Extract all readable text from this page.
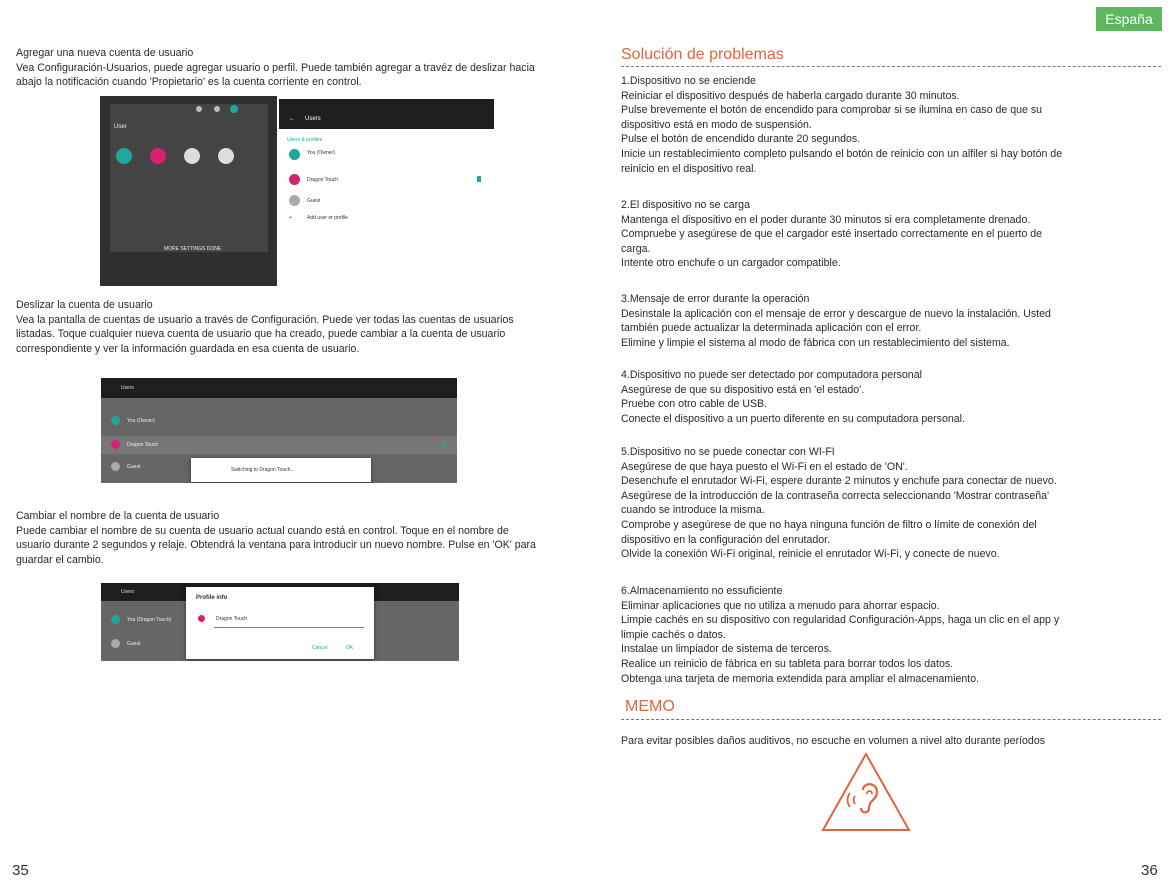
España

Agregar una nueva cuenta de usuario

Vea Configuración-Usuarios, puede agregar usuario o perfil. Puede también agregar a travéz de deslizar hacia abajo la notificación cuando 'Propietario' es la cuenta corriente en control.

User
MORE SETTINGS DONE
← Users
Users & profiles
You (Owner)
Dragon Touch
Guest
+	Add user or profile

Deslizar la cuenta de usuario

Vea la pantalla de cuentas de usuario a través de Configuración. Puede ver todas las cuentas de usuarios listadas. Toque cualquier nueva cuenta de usuario que ha creado, puede cambiar a la cuenta de usuario correspondiente y ver la información guardada en esa cuenta de usuario.

Users
You (Owner)
Dragon Touch
Guest	Switching to Dragon Touch...

Cambiar el nombre de la cuenta de usuario

Puede cambiar el nombre de su cuenta de usuario actual cuando está en control. Toque en el nombre de usuario durante 2 segundos y relaje. Obtendrá la ventana para introducir un nuevo nombre. Pulse en 'OK' para guardar el cambio.

Users
You (Dragon Touch)
Guest
Profile info
Dragon Touch
Cancel	OK
35
Solución de problemas

1.Dispositivo no se enciende

Reiniciar el dispositivo después de haberla cargado durante 30 minutos.

Pulse brevemente el botón de encendido para comprobar si se ilumina en caso de que su

dispositivo está en modo de suspensión.

Pulse el botón de encendido durante 20 segundos.

Inicie un restablecimiento completo pulsando el botón de reinicio con un alfiler si hay botón de

reinicio en el dispositivo real.

2.El dispositivo no se carga

Mantenga el dispositivo en el poder durante 30 minutos si era completamente drenado.

Compruebe y asegúrese de que el cargador esté insertado correctamente en el puerto de

carga.

Intente otro enchufe o un cargador compatible.

3.Mensaje de error durante la operación

Desinstale la aplicación con el mensaje de error y descargue de nuevo la instalación. Usted

también puede actualizar la determinada aplicación con el error.

Elimine y limpie el sistema al modo de fábrica con un restablecimiento del sistema.

4.Dispositivo no puede ser detectado por computadora personal

Asegúrese de que su dispositivo está en 'el estado'.

Pruebe con otro cable de USB.

Conecte el dispositivo a un puerto diferente en su computadora personal.

5.Dispositivo no se puede conectar con WI-FI

Asegúrese de que haya puesto el Wi-Fi en el estado de 'ON'.

Desenchufe el enrutador Wi-Fi, espere durante 2 minutos y enchufe para conectar de nuevo.

Asegúrese de la introducción de la contraseña correcta seleccionando 'Mostrar contraseña'

cuando se introduce la misma.

Comprobe y asegúrese de que no haya ninguna función de filtro o límite de conexión del

dispositivo en la configuración del enrutador.

Olvide la conexión Wi-Fi original, reinicie el enrutador Wi-Fi, y conecte de nuevo.

6.Almacenamiento no essuficiente

Eliminar aplicaciones que no utiliza a menudo para ahorrar espacio.

Limpie cachés en su dispositivo con regularidad Configuración-Apps, haga un clic en el app y

limpie cachés o datos.

Instalae un limpiador de sistema de terceros.

Realice un reinicio de fábrica en su tableta para borrar todos los datos.

Obtenga una tarjeta de memoria extendida para ampliar el almacenamiento.

MEMO

Para evitar posibles daños auditivos, no escuche en volumen a nivel alto durante períodos

36
